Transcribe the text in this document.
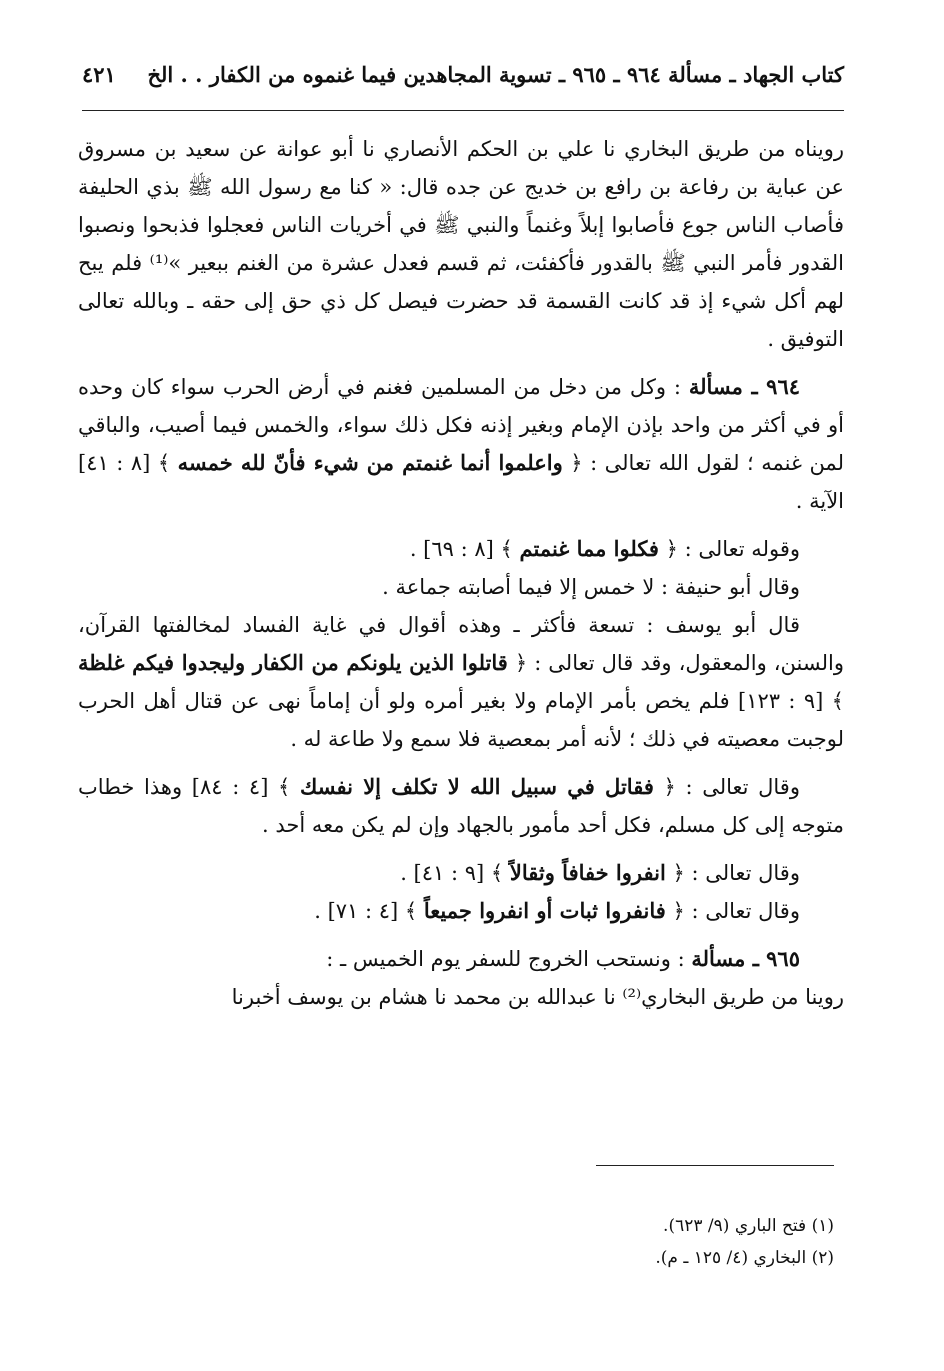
كتاب الجهاد ـ مسألة ٩٦٤ ـ ٩٦٥ ـ تسوية المجاهدين فيما غنموه من الكفار . . الخ
٤٢١

رويناه من طريق البخاري نا علي بن الحكم الأنصاري نا أبو عوانة عن سعيد بن مسروق عن عباية بن رفاعة بن رافع بن خديج عن جده قال: « كنا مع رسول الله ﷺ بذي الحليفة فأصاب الناس جوع فأصابوا إبلاً وغنماً والنبي ﷺ في أخريات الناس فعجلوا فذبحوا ونصبوا القدور فأمر النبي ﷺ بالقدور فأكفئت، ثم قسم فعدل عشرة من الغنم ببعير »⁽¹⁾ فلم يبح لهم أكل شيء إذ قد كانت القسمة قد حضرت فيصل كل ذي حق إلى حقه ـ وبالله تعالى التوفيق .

٩٦٤ ـ مسألة : وكل من دخل من المسلمين فغنم في أرض الحرب سواء كان وحده أو في أكثر من واحد بإذن الإمام وبغير إذنه فكل ذلك سواء، والخمس فيما أصيب، والباقي لمن غنمه ؛ لقول الله تعالى : ﴿ واعلموا أنما غنمتم من شيء فأنّ لله خمسه ﴾ [٨ : ٤١] الآية .

وقوله تعالى : ﴿ فكلوا مما غنمتم ﴾ [٨ : ٦٩] .

وقال أبو حنيفة : لا خمس إلا فيما أصابته جماعة .

قال أبو يوسف : تسعة فأكثر ـ وهذه أقوال في غاية الفساد لمخالفتها القرآن، والسنن، والمعقول، وقد قال تعالى : ﴿ قاتلوا الذين يلونكم من الكفار وليجدوا فيكم غلظة ﴾ [٩ : ١٢٣] فلم يخص بأمر الإمام ولا بغير أمره ولو أن إماماً نهى عن قتال أهل الحرب لوجبت معصيته في ذلك ؛ لأنه أمر بمعصية فلا سمع ولا طاعة له .

وقال تعالى : ﴿ فقاتل في سبيل الله لا تكلف إلا نفسك ﴾ [٤ : ٨٤] وهذا خطاب متوجه إلى كل مسلم، فكل أحد مأمور بالجهاد وإن لم يكن معه أحد .

وقال تعالى : ﴿ انفروا خفافاً وثقالاً ﴾ [٩ : ٤١] .

وقال تعالى : ﴿ فانفروا ثبات أو انفروا جميعاً ﴾ [٤ : ٧١] .

٩٦٥ ـ مسألة : ونستحب الخروج للسفر يوم الخميس ـ :

روينا من طريق البخاري⁽²⁾ نا عبدالله بن محمد نا هشام بن يوسف أخبرنا

(١) فتح الباري (٩/ ٦٢٣).
(٢) البخاري (٤/ ١٢٥ ـ م).
